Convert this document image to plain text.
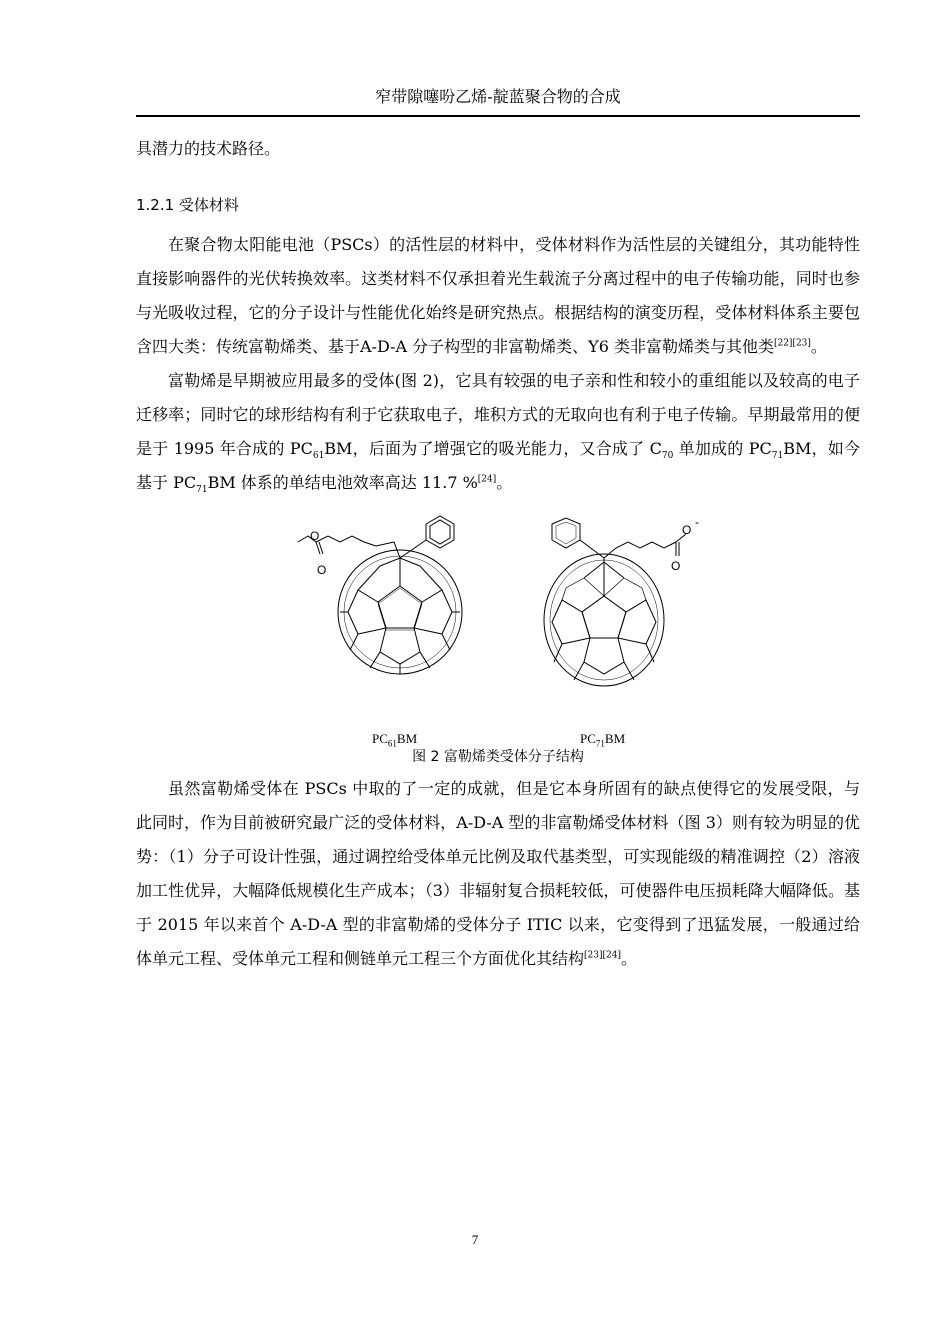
窄带隙噻吩乙烯-靛蓝聚合物的合成

具潜力的技术路径。

1.2.1 受体材料

在聚合物太阳能电池（PSCs）的活性层的材料中，受体材料作为活性层的关键组分，其功能特性直接影响器件的光伏转换效率。这类材料不仅承担着光生载流子分离过程中的电子传输功能，同时也参与光吸收过程，它的分子设计与性能优化始终是研究热点。根据结构的演变历程，受体材料体系主要包含四大类：传统富勒烯类、基于A-D-A 分子构型的非富勒烯类、Y6 类非富勒烯类与其他类[22][23]。

富勒烯是早期被应用最多的受体(图 2)，它具有较强的电子亲和性和较小的重组能以及较高的电子迁移率；同时它的球形结构有利于它获取电子，堆积方式的无取向也有利于电子传输。早期最常用的便是于 1995 年合成的 $PC_{61}BM$，后面为了增强它的吸光能力，又合成了 $C_{70}$ 单加成的 $PC_{71}BM$，如今基于 $PC_{71}BM$ 体系的单结电池效率高达 11.7 %[24]。

O
O
O
O
-
$PC_{61}BM$	$PC_{71}BM$

图 2 富勒烯类受体分子结构

虽然富勒烯受体在 PSCs 中取的了一定的成就，但是它本身所固有的缺点使得它的发展受限，与此同时，作为目前被研究最广泛的受体材料，A-D-A 型的非富勒烯受体材料（图 3）则有较为明显的优势：（1）分子可设计性强，通过调控给受体单元比例及取代基类型，可实现能级的精准调控（2）溶液加工性优异，大幅降低规模化生产成本；（3）非辐射复合损耗较低，可使器件电压损耗降大幅降低。基于 2015 年以来首个 A-D-A 型的非富勒烯的受体分子 ITIC 以来，它变得到了迅猛发展，一般通过给体单元工程、受体单元工程和侧链单元工程三个方面优化其结构[23][24]。

7
